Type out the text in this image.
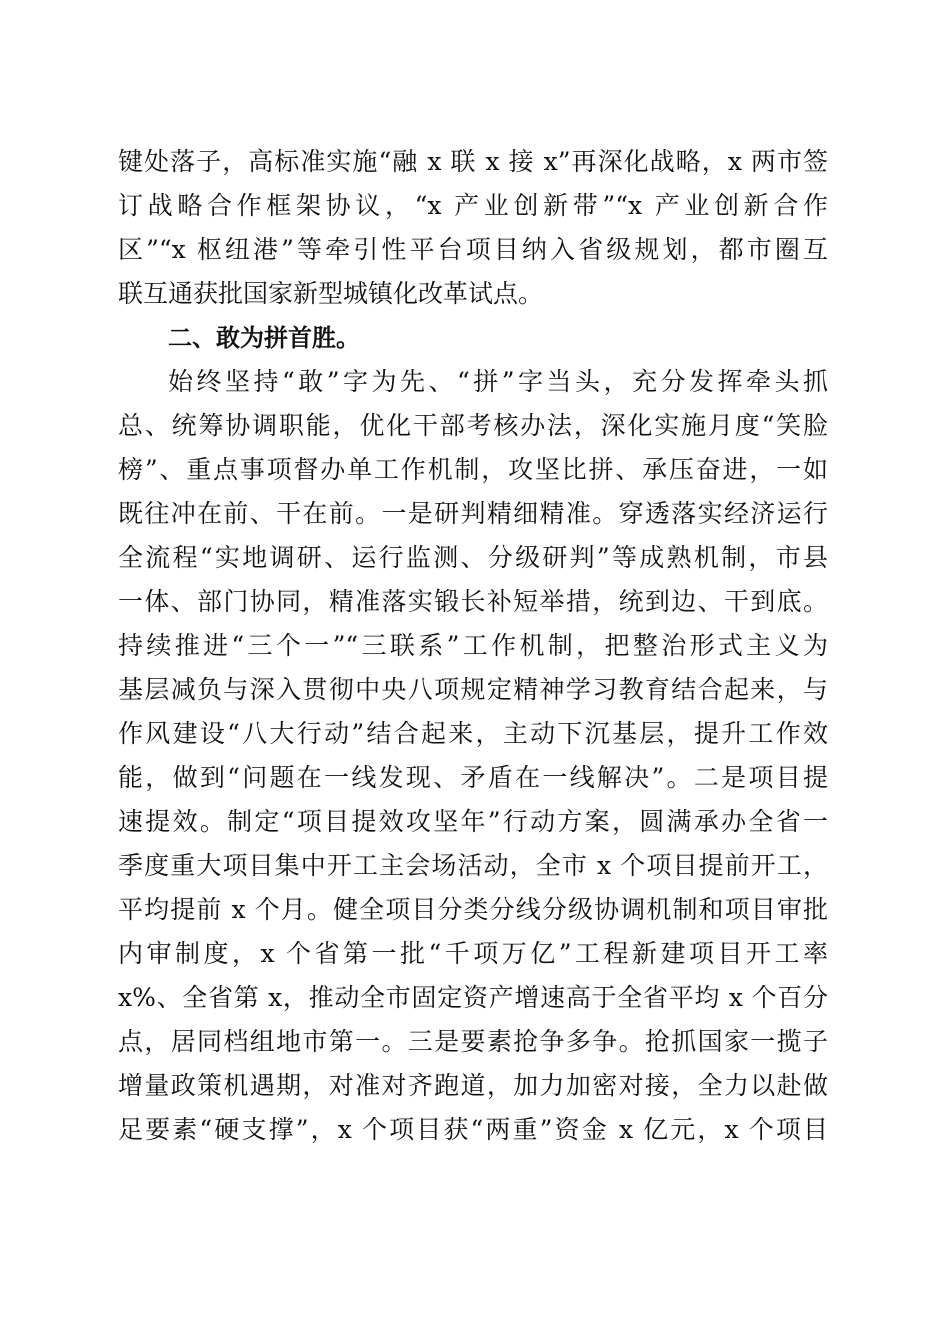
键处落子，高标准实施“融 x 联 x 接 x”再深化战略，x 两市签
订战略合作框架协议，“x 产业创新带”“x 产业创新合作
区”“x 枢纽港”等牵引性平台项目纳入省级规划，都市圈互
联互通获批国家新型城镇化改革试点。
二、敢为拼首胜。
始终坚持“敢”字为先、“拼”字当头，充分发挥牵头抓
总、统筹协调职能，优化干部考核办法，深化实施月度“笑脸
榜”、重点事项督办单工作机制，攻坚比拼、承压奋进，一如
既往冲在前、干在前。一是研判精细精准。穿透落实经济运行
全流程“实地调研、运行监测、分级研判”等成熟机制，市县
一体、部门协同，精准落实锻长补短举措，统到边、干到底。
持续推进“三个一”“三联系”工作机制，把整治形式主义为
基层减负与深入贯彻中央八项规定精神学习教育结合起来，与
作风建设“八大行动”结合起来，主动下沉基层，提升工作效
能，做到“问题在一线发现、矛盾在一线解决”。二是项目提
速提效。制定“项目提效攻坚年”行动方案，圆满承办全省一
季度重大项目集中开工主会场活动，全市 x 个项目提前开工，
平均提前 x 个月。健全项目分类分线分级协调机制和项目审批
内审制度，x 个省第一批“千项万亿”工程新建项目开工率
x%、全省第 x，推动全市固定资产增速高于全省平均 x 个百分
点，居同档组地市第一。三是要素抢争多争。抢抓国家一揽子
增量政策机遇期，对准对齐跑道，加力加密对接，全力以赴做
足要素“硬支撑”，x 个项目获“两重”资金 x 亿元，x 个项目
